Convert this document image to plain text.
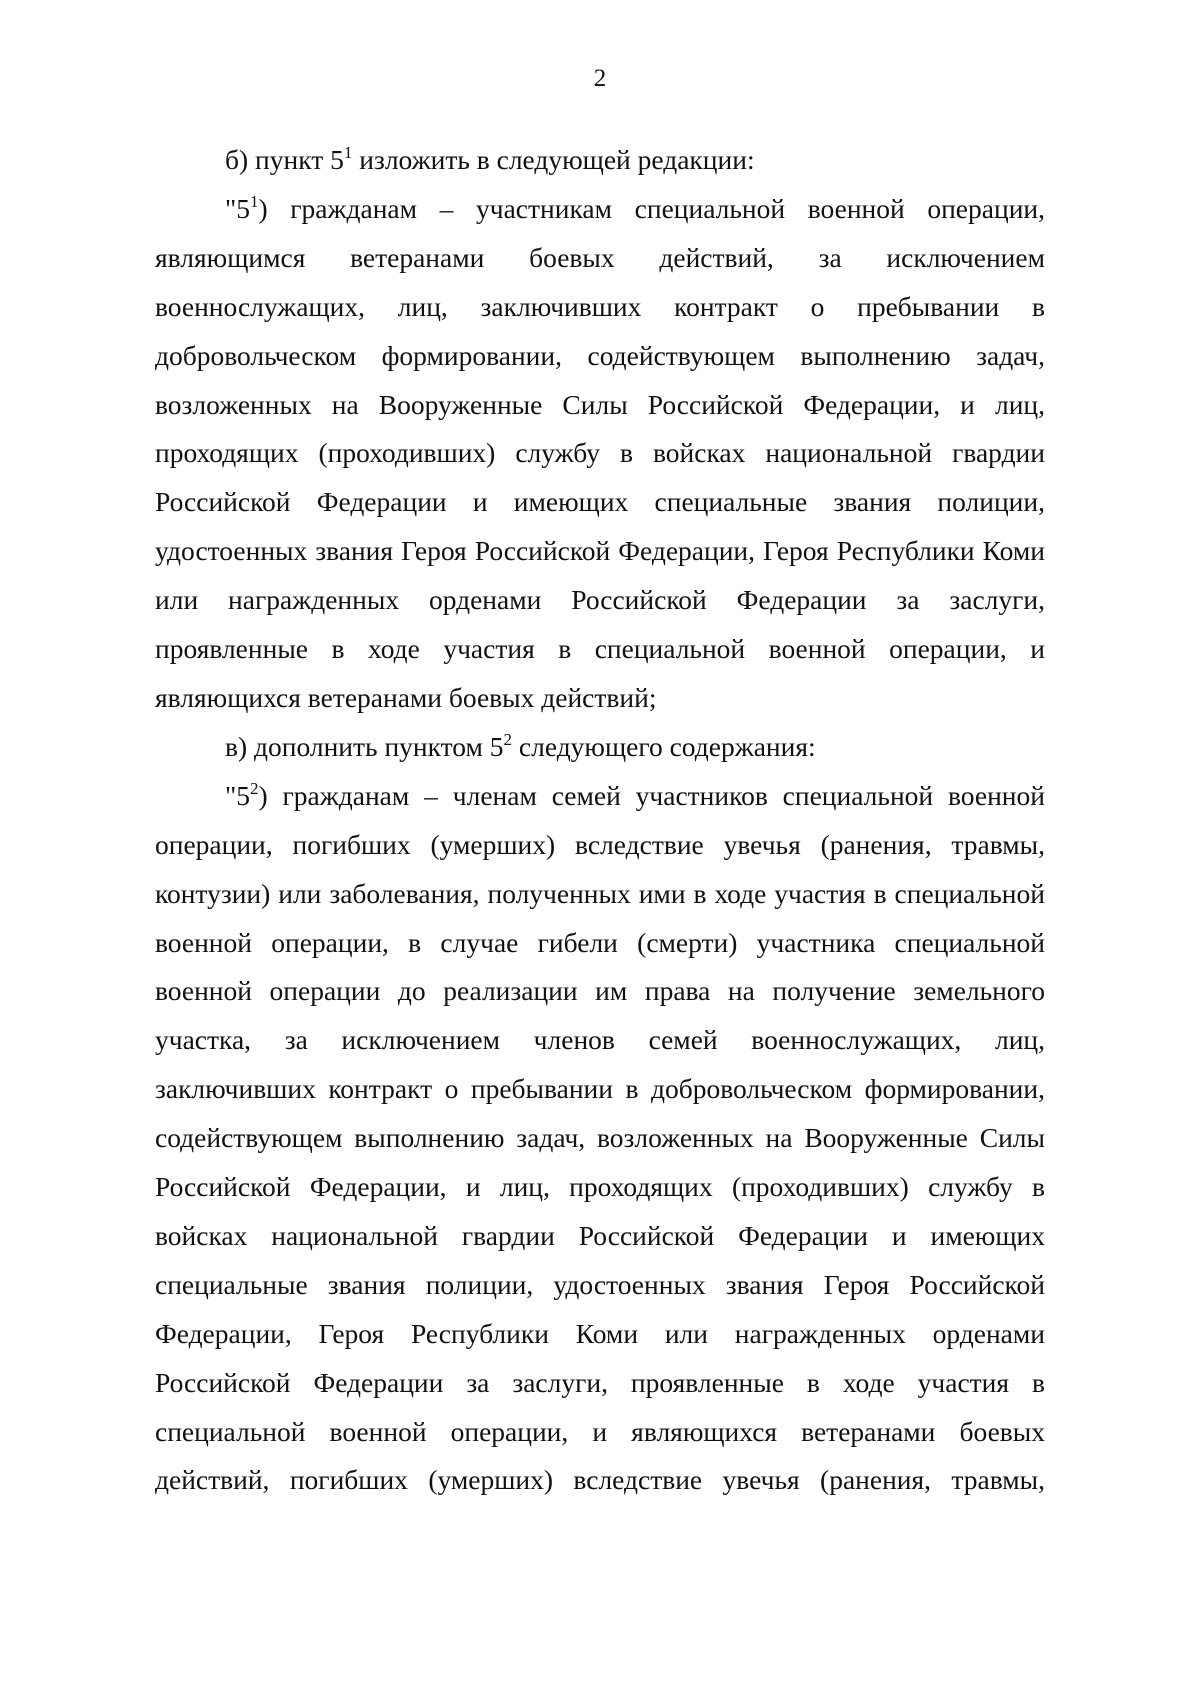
2

б) пункт $5^1$ изложить в следующей редакции:

"$5^1$) гражданам – участникам специальной военной операции, являющимся ветеранами боевых действий, за исключением военнослужащих, лиц, заключивших контракт о пребывании в добровольческом формировании, содействующем выполнению задач, возложенных на Вооруженные Силы Российской Федерации, и лиц, проходящих (проходивших) службу в войсках национальной гвардии Российской Федерации и имеющих специальные звания полиции, удостоенных звания Героя Российской Федерации, Героя Республики Коми или награжденных орденами Российской Федерации за заслуги, проявленные в ходе участия в специальной военной операции, и являющихся ветеранами боевых действий;

в) дополнить пунктом $5^2$ следующего содержания:

"$5^2$) гражданам – членам семей участников специальной военной операции, погибших (умерших) вследствие увечья (ранения, травмы, контузии) или заболевания, полученных ими в ходе участия в специальной военной операции, в случае гибели (смерти) участника специальной военной операции до реализации им права на получение земельного участка, за исключением членов семей военнослужащих, лиц, заключивших контракт о пребывании в добровольческом формировании, содействующем выполнению задач, возложенных на Вооруженные Силы Российской Федерации, и лиц, проходящих (проходивших) службу в войсках национальной гвардии Российской Федерации и имеющих специальные звания полиции, удостоенных звания Героя Российской Федерации, Героя Республики Коми или награжденных орденами Российской Федерации за заслуги, проявленные в ходе участия в специальной военной операции, и являющихся ветеранами боевых действий, погибших (умерших) вследствие увечья (ранения, травмы,
